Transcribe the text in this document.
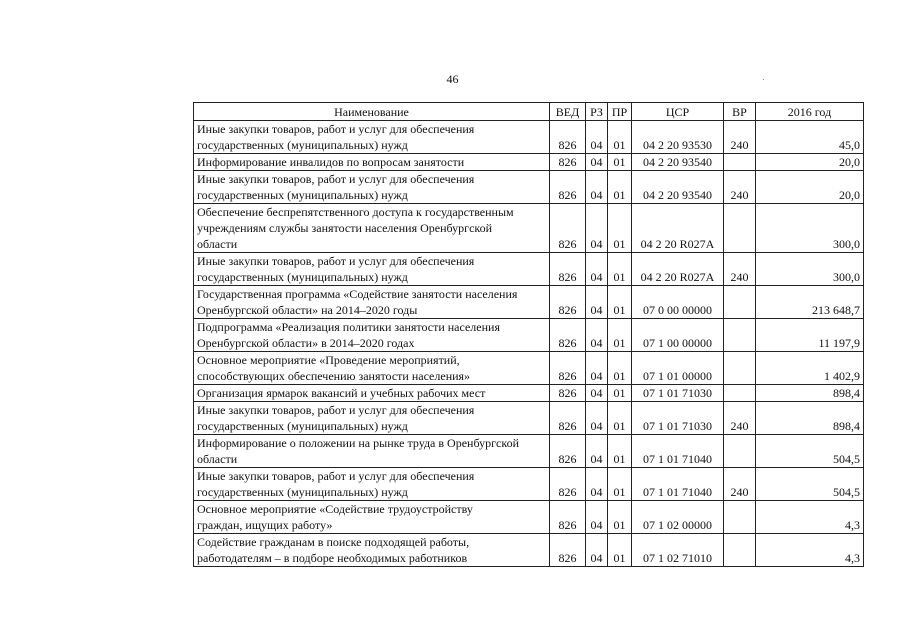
46
Наименование	ВЕД	РЗ	ПР	ЦСР	ВР	2016 год
Иные закупки товаров, работ и услуг для обеспечения
государственных (муниципальных) нужд	826	04	01	04 2 20 93530	240	45,0
Информирование инвалидов по вопросам занятости	826	04	01	04 2 20 93540		20,0
Иные закупки товаров, работ и услуг для обеспечения
государственных (муниципальных) нужд	826	04	01	04 2 20 93540	240	20,0
Обеспечение беспрепятственного доступа к государственным
учреждениям службы занятости населения Оренбургской
области	826	04	01	04 2 20 R027A		300,0
Иные закупки товаров, работ и услуг для обеспечения
государственных (муниципальных) нужд	826	04	01	04 2 20 R027A	240	300,0
Государственная программа «Содействие занятости населения
Оренбургской области» на 2014–2020 годы	826	04	01	07 0 00 00000		213 648,7
Подпрограмма «Реализация политики занятости населения
Оренбургской области» в 2014–2020 годах	826	04	01	07 1 00 00000		11 197,9
Основное мероприятие «Проведение мероприятий,
способствующих обеспечению занятости населения»	826	04	01	07 1 01 00000		1 402,9
Организация ярмарок вакансий и учебных рабочих мест	826	04	01	07 1 01 71030		898,4
Иные закупки товаров, работ и услуг для обеспечения
государственных (муниципальных) нужд	826	04	01	07 1 01 71030	240	898,4
Информирование о положении на рынке труда в Оренбургской
области	826	04	01	07 1 01 71040		504,5
Иные закупки товаров, работ и услуг для обеспечения
государственных (муниципальных) нужд	826	04	01	07 1 01 71040	240	504,5
Основное мероприятие «Содействие трудоустройству
граждан, ищущих работу»	826	04	01	07 1 02 00000		4,3
Содействие гражданам в поиске подходящей работы,
работодателям – в подборе необходимых работников	826	04	01	07 1 02 71010		4,3
